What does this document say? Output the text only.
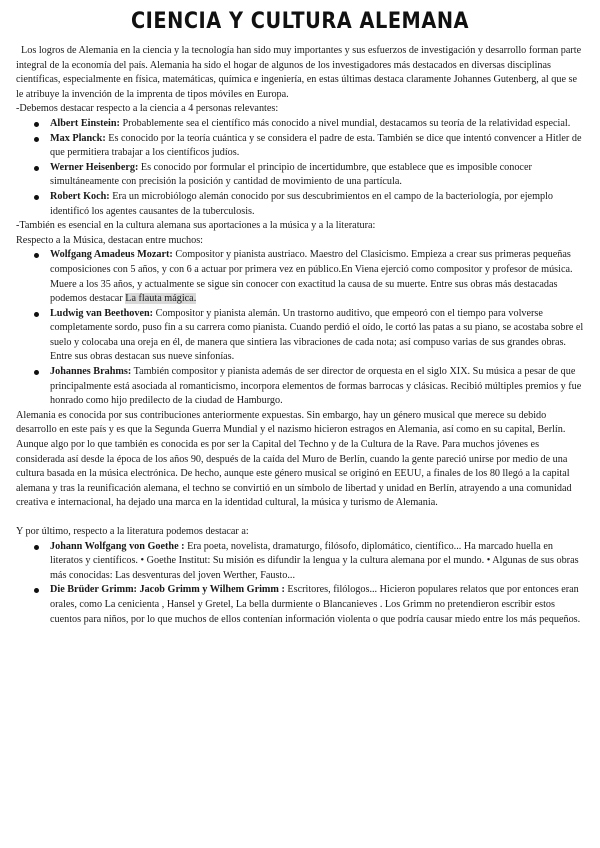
CIENCIA Y CULTURA ALEMANA

Los logros de Alemania en la ciencia y la tecnología han sido muy importantes y sus esfuerzos de investigación y desarrollo forman parte integral de la economía del país. Alemania ha sido el hogar de algunos de los investigadores más destacados en diversas disciplinas científicas, especialmente en física, matemáticas, química e ingeniería, en estas últimas destaca claramente Johannes Gutenberg, al que se le atribuye la invención de la imprenta de tipos móviles en Europa.

-Debemos destacar respecto a la ciencia a 4 personas relevantes:

Albert Einstein: Probablemente sea el científico más conocido a nivel mundial, destacamos su teoría de la relatividad especial.
Max Planck: Es conocido por la teoría cuántica y se considera el padre de esta. También se dice que intentó convencer a Hitler de que permitiera trabajar a los científicos judíos.
Werner Heisenberg: Es conocido por formular el principio de incertidumbre, que establece que es imposible conocer simultáneamente con precisión la posición y cantidad de movimiento de una partícula.
Robert Koch: Era un microbiólogo alemán conocido por sus descubrimientos en el campo de la bacteriología, por ejemplo identificó los agentes causantes de la tuberculosis.

-También es esencial en la cultura alemana sus aportaciones a la música y a la literatura:

Respecto a la Música, destacan entre muchos:

Wolfgang Amadeus Mozart: Compositor y pianista austriaco. Maestro del Clasicismo. Empieza a crear sus primeras pequeñas composiciones con 5 años, y con 6 a actuar por primera vez en público.En Viena ejerció como compositor y profesor de música. Muere a los 35 años, y actualmente se sigue sin conocer con exactitud la causa de su muerte. Entre sus obras más destacadas podemos destacar La flauta mágica.
Ludwig van Beethoven: Compositor y pianista alemán. Un trastorno auditivo, que empeoró con el tiempo para volverse completamente sordo, puso fin a su carrera como pianista. Cuando perdió el oído, le cortó las patas a su piano, se acostaba sobre el suelo y colocaba una oreja en él, de manera que sintiera las vibraciones de cada nota; así compuso varias de sus grandes obras. Entre sus obras destacan sus nueve sinfonías.
Johannes Brahms: También compositor y pianista además de ser director de orquesta en el siglo XIX. Su música a pesar de que principalmente está asociada al romanticismo, incorpora elementos de formas barrocas y clásicas. Recibió múltiples premios y fue honrado como hijo predilecto de la ciudad de Hamburgo.

Alemania es conocida por sus contribuciones anteriormente expuestas. Sin embargo, hay un género musical que merece su debido desarrollo en este país y es que la Segunda Guerra Mundial y el nazismo hicieron estragos en Alemania, así como en su capital, Berlín. Aunque algo por lo que también es conocida es por ser la Capital del Techno y de la Cultura de la Rave. Para muchos jóvenes es considerada así desde la época de los años 90, después de la caída del Muro de Berlín, cuando la gente pareció unirse por medio de una cultura basada en la música electrónica. De hecho, aunque este género musical se originó en EEUU, a finales de los 80 llegó a la capital alemana y tras la reunificación alemana, el techno se convirtió en un símbolo de libertad y unidad en Berlín, atrayendo a una comunidad creativa e internacional, ha dejado una marca en la identidad cultural, la música y turismo de Alemania.

Y por último, respecto a la literatura podemos destacar a:

Johann Wolfgang von Goethe : Era poeta, novelista, dramaturgo, filósofo, diplomático, científico... Ha marcado huella en literatos y científicos. • Goethe Institut: Su misión es difundir la lengua y la cultura alemana por el mundo. • Algunas de sus obras más conocidas: Las desventuras del joven Werther, Fausto...
Die Brüder Grimm: Jacob Grimm y Wilhem Grimm : Escritores, filólogos... Hicieron populares relatos que por entonces eran orales, como La cenicienta , Hansel y Gretel, La bella durmiente o Blancanieves . Los Grimm no pretendieron escribir estos cuentos para niños, por lo que muchos de ellos contenían información violenta o que podría causar miedo entre los más pequeños.
